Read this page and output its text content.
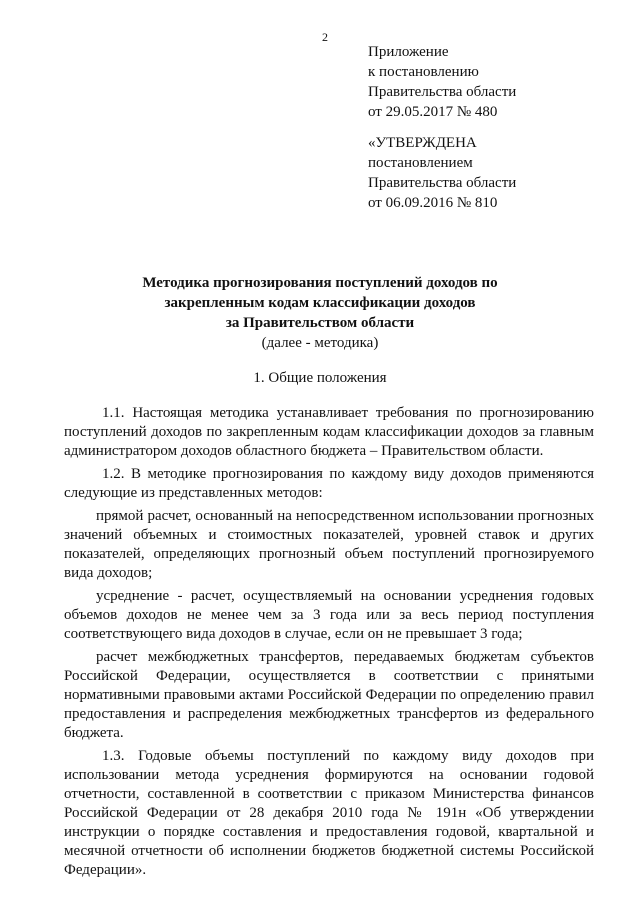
2
Приложение
к постановлению
Правительства области
от 29.05.2017 № 480
«УТВЕРЖДЕНА
постановлением
Правительства области
от 06.09.2016 № 810
Методика прогнозирования поступлений доходов по
закрепленным кодам классификации доходов
за Правительством области
(далее - методика)
1. Общие положения

1.1. Настоящая методика устанавливает требования по прогнозированию поступлений доходов по закрепленным кодам классификации доходов за главным администратором доходов областного бюджета – Правительством области.

1.2. В методике прогнозирования по каждому виду доходов применяются следующие из представленных методов:

прямой расчет, основанный на непосредственном использовании прогнозных значений объемных и стоимостных показателей, уровней ставок и других показателей, определяющих прогнозный объем поступлений прогнозируемого вида доходов;

усреднение - расчет, осуществляемый на основании усреднения годовых объемов доходов не менее чем за 3 года или за весь период поступления соответствующего вида доходов в случае, если он не превышает 3 года;

расчет межбюджетных трансфертов, передаваемых бюджетам субъектов Российской Федерации, осуществляется в соответствии с принятыми нормативными правовыми актами Российской Федерации по определению правил предоставления и распределения межбюджетных трансфертов из федерального бюджета.

1.3. Годовые объемы поступлений по каждому виду доходов при использовании метода усреднения формируются на основании годовой отчетности, составленной в соответствии с приказом Министерства финансов Российской Федерации от 28 декабря 2010 года № 191н «Об утверждении инструкции о порядке составления и предоставления годовой, квартальной и месячной отчетности об исполнении бюджетов бюджетной системы Российской Федерации».
